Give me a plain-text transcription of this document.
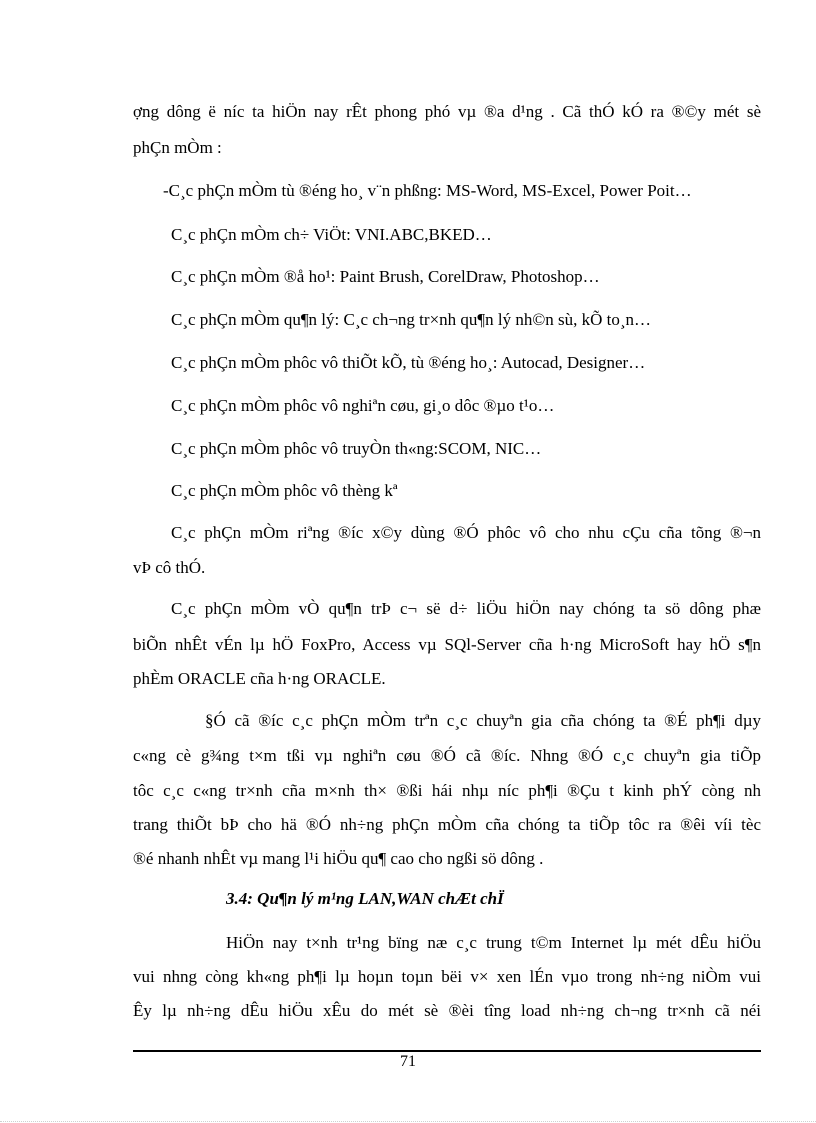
ợng dông ë níc ta hiÖn nay rÊt phong phó vµ ®a d¹ng . Cã thÓ kÓ ra ®©y mét sè
phÇn mÒm :
-C¸c phÇn mÒm tù ®éng ho¸ v¨n phßng: MS-Word, MS-Excel, Power Poit…
C¸c phÇn mÒm ch÷ ViÖt: VNI.ABC,BKED…
C¸c phÇn mÒm ®å ho¹: Paint Brush, CorelDraw, Photoshop…
C¸c phÇn mÒm qu¶n lý: C¸c ch¬ng tr×nh qu¶n lý nh©n sù, kÕ to¸n…
C¸c phÇn mÒm phôc vô thiÕt kÕ, tù ®éng ho¸: Autocad, Designer…
C¸c phÇn mÒm phôc vô nghiªn cøu, gi¸o dôc ®µo t¹o…
C¸c phÇn mÒm phôc vô truyÒn th«ng:SCOM, NIC…
C¸c phÇn mÒm phôc vô thèng kª
C¸c phÇn mÒm riªng ®íc x©y dùng ®Ó phôc vô cho nhu cÇu cña tõng ®¬n
vÞ cô thÓ.
C¸c phÇn mÒm vÒ qu¶n trÞ c¬ së d÷ liÖu hiÖn nay chóng ta sö dông phæ
biÕn nhÊt vÉn lµ hÖ FoxPro, Access vµ SQl-Server cña h·ng MicroSoft hay hÖ s¶n
phÈm ORACLE cña h·ng ORACLE.
§Ó cã ®íc c¸c phÇn mÒm trªn c¸c chuyªn gia cña chóng ta ®É ph¶i dµy
c«ng cè g¾ng t×m tßi vµ nghiªn cøu ®Ó cã ®íc. Nhng ®Ó c¸c chuyªn gia tiÕp
tôc c¸c c«ng tr×nh cña m×nh th× ®ßi hái nhµ níc ph¶i ®Çu t kinh phÝ còng nh
trang thiÕt bÞ cho hä ®Ó nh÷ng phÇn mÒm cña chóng ta tiÕp tôc ra ®êi víi tèc
®é nhanh nhÊt vµ mang l¹i hiÖu qu¶ cao cho ngßi sö dông .
3.4: Qu¶n lý m¹ng LAN,WAN chÆt chÏ
HiÖn nay t×nh tr¹ng bïng næ c¸c trung t©m Internet lµ mét dÊu hiÖu
vui nhng còng kh«ng ph¶i lµ hoµn toµn bëi v× xen lÉn vµo trong nh÷ng niÒm vui
Êy lµ nh÷ng dÊu hiÖu xÊu do mét sè ®èi tîng load nh÷ng ch¬ng tr×nh cã néi
71
